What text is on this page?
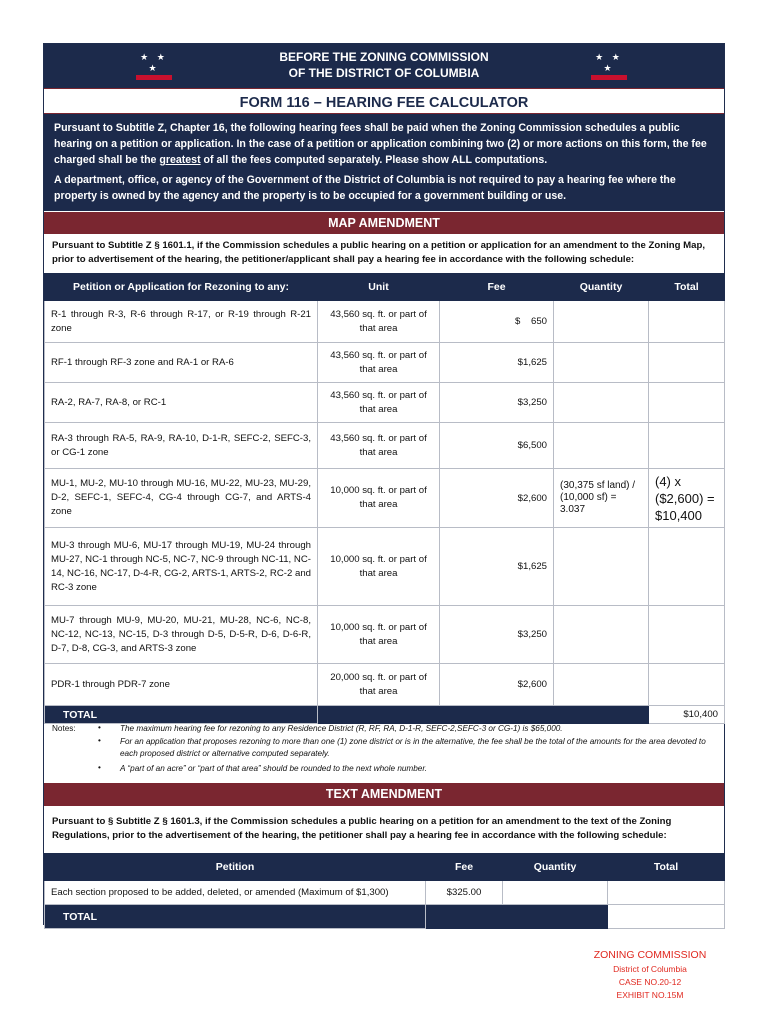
★ ★ ★
BEFORE THE ZONING COMMISSION
OF THE DISTRICT OF COLUMBIA
★ ★ ★
FORM 116 – HEARING FEE CALCULATOR

Pursuant to Subtitle Z, Chapter 16, the following hearing fees shall be paid when the Zoning Commission schedules a public hearing on a petition or application. In the case of a petition or application combining two (2) or more actions on this form, the fee charged shall be the greatest of all the fees computed separately. Please show ALL computations.

A department, office, or agency of the Government of the District of Columbia is not required to pay a hearing fee where the property is owned by the agency and the property is to be occupied for a government building or use.

MAP AMENDMENT
Pursuant to Subtitle Z § 1601.1, if the Commission schedules a public hearing on a petition or application for an amendment to the Zoning Map, prior to advertisement of the hearing, the petitioner/applicant shall pay a hearing fee in accordance with the following schedule:
Petition or Application for Rezoning to any:	Unit	Fee	Quantity	Total
R-1 through R-3, R-6 through R-17, or R-19 through R-21 zone	43,560 sq. ft. or part of that area	$    650		
RF-1 through RF-3 zone and RA-1 or RA-6	43,560 sq. ft. or part of that area	$1,625		
RA-2, RA-7, RA-8, or RC-1	43,560 sq. ft. or part of that area	$3,250		
RA-3 through RA-5, RA-9, RA-10, D-1-R, SEFC-2, SEFC-3, or CG-1 zone	43,560 sq. ft. or part of that area	$6,500		
MU-1, MU-2, MU-10 through MU-16, MU-22, MU-23, MU-29, D-2, SEFC-1, SEFC-4, CG-4 through CG-7, and ARTS-4 zone	10,000 sq. ft. or part of that area	$2,600	(30,375 sf land) / (10,000 sf) = 3.037	(4) x ($2,600) = $10,400
MU-3 through MU-6, MU-17 through MU-19, MU-24 through MU-27, NC-1 through NC-5, NC-7, NC-9 through NC-11, NC-14, NC-16, NC-17, D-4-R, CG-2, ARTS-1, ARTS-2, RC-2 and RC-3 zone	10,000 sq. ft. or part of that area	$1,625		
MU-7 through MU-9, MU-20, MU-21, MU-28, NC-6, NC-8, NC-12, NC-13, NC-15, D-3 through D-5, D-5-R, D-6, D-6-R, D-7, D-8, CG-3, and ARTS-3 zone	10,000 sq. ft. or part of that area	$3,250		
PDR-1 through PDR-7 zone	20,000 sq. ft. or part of that area	$2,600		
TOTAL				$10,400
Notes:	• The maximum hearing fee for rezoning to any Residence District (R, RF, RA, D-1-R, SEFC-2,SEFC-3 or CG-1) is $65,000.
• For an application that proposes rezoning to more than one (1) zone district or is in the alternative, the fee shall be the total of the amounts for the area devoted to each proposed district or alternative computed separately.
• A “part of an acre” or “part of that area” should be rounded to the next whole number.
TEXT AMENDMENT
Pursuant to § Subtitle Z § 1601.3, if the Commission schedules a public hearing on a petition for an amendment to the text of the Zoning Regulations, prior to the advertisement of the hearing, the petitioner shall pay a hearing fee in accordance with the following schedule:
Petition	Fee	Quantity	Total
Each section proposed to be added, deleted, or amended (Maximum of $1,300)	$325.00		
TOTAL			
ZONING COMMISSION
District of Columbia
CASE NO.20-12
EXHIBIT NO.15M
